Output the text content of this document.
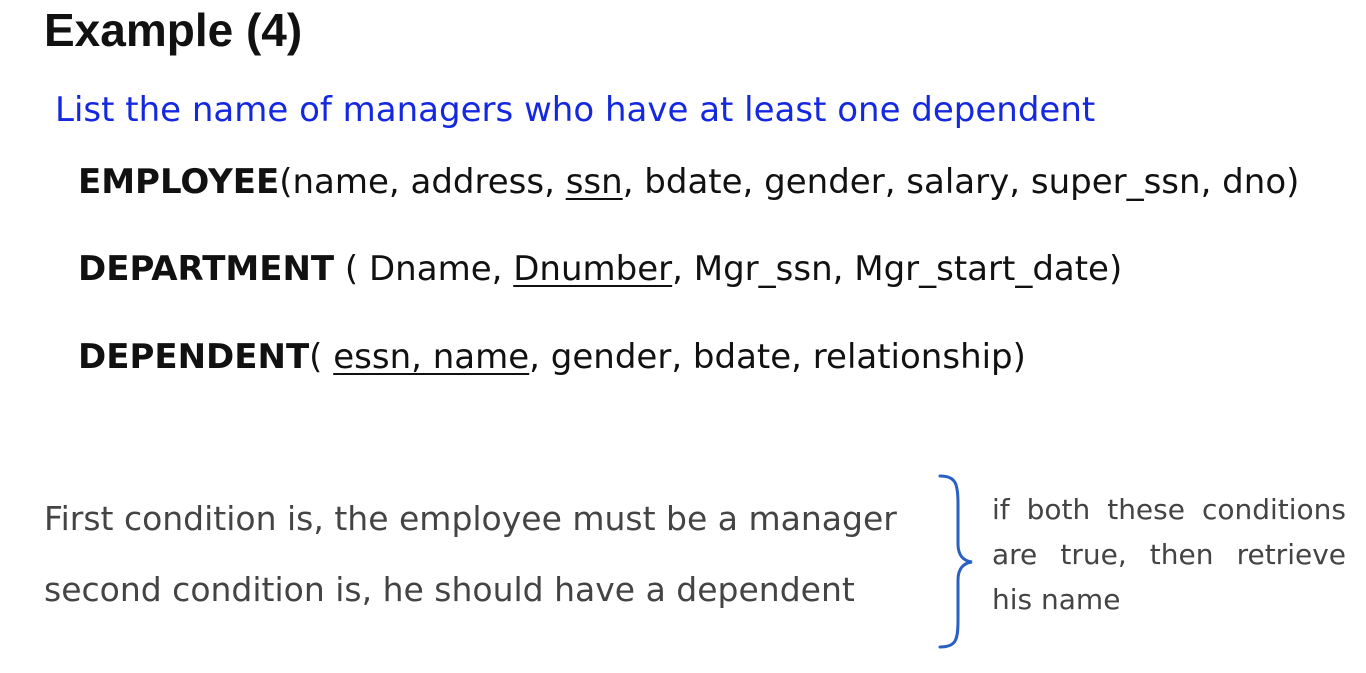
Example (4)
List the name of managers who have at least one dependent
EMPLOYEE(name, address, ssn, bdate, gender, salary, super_ssn, dno)
DEPARTMENT ( Dname, Dnumber, Mgr_ssn, Mgr_start_date)
DEPENDENT( essn, name, gender, bdate, relationship)
First condition is, the employee must be a manager
second condition is, he should have a dependent
if both these conditions are true, then retrieve his name
